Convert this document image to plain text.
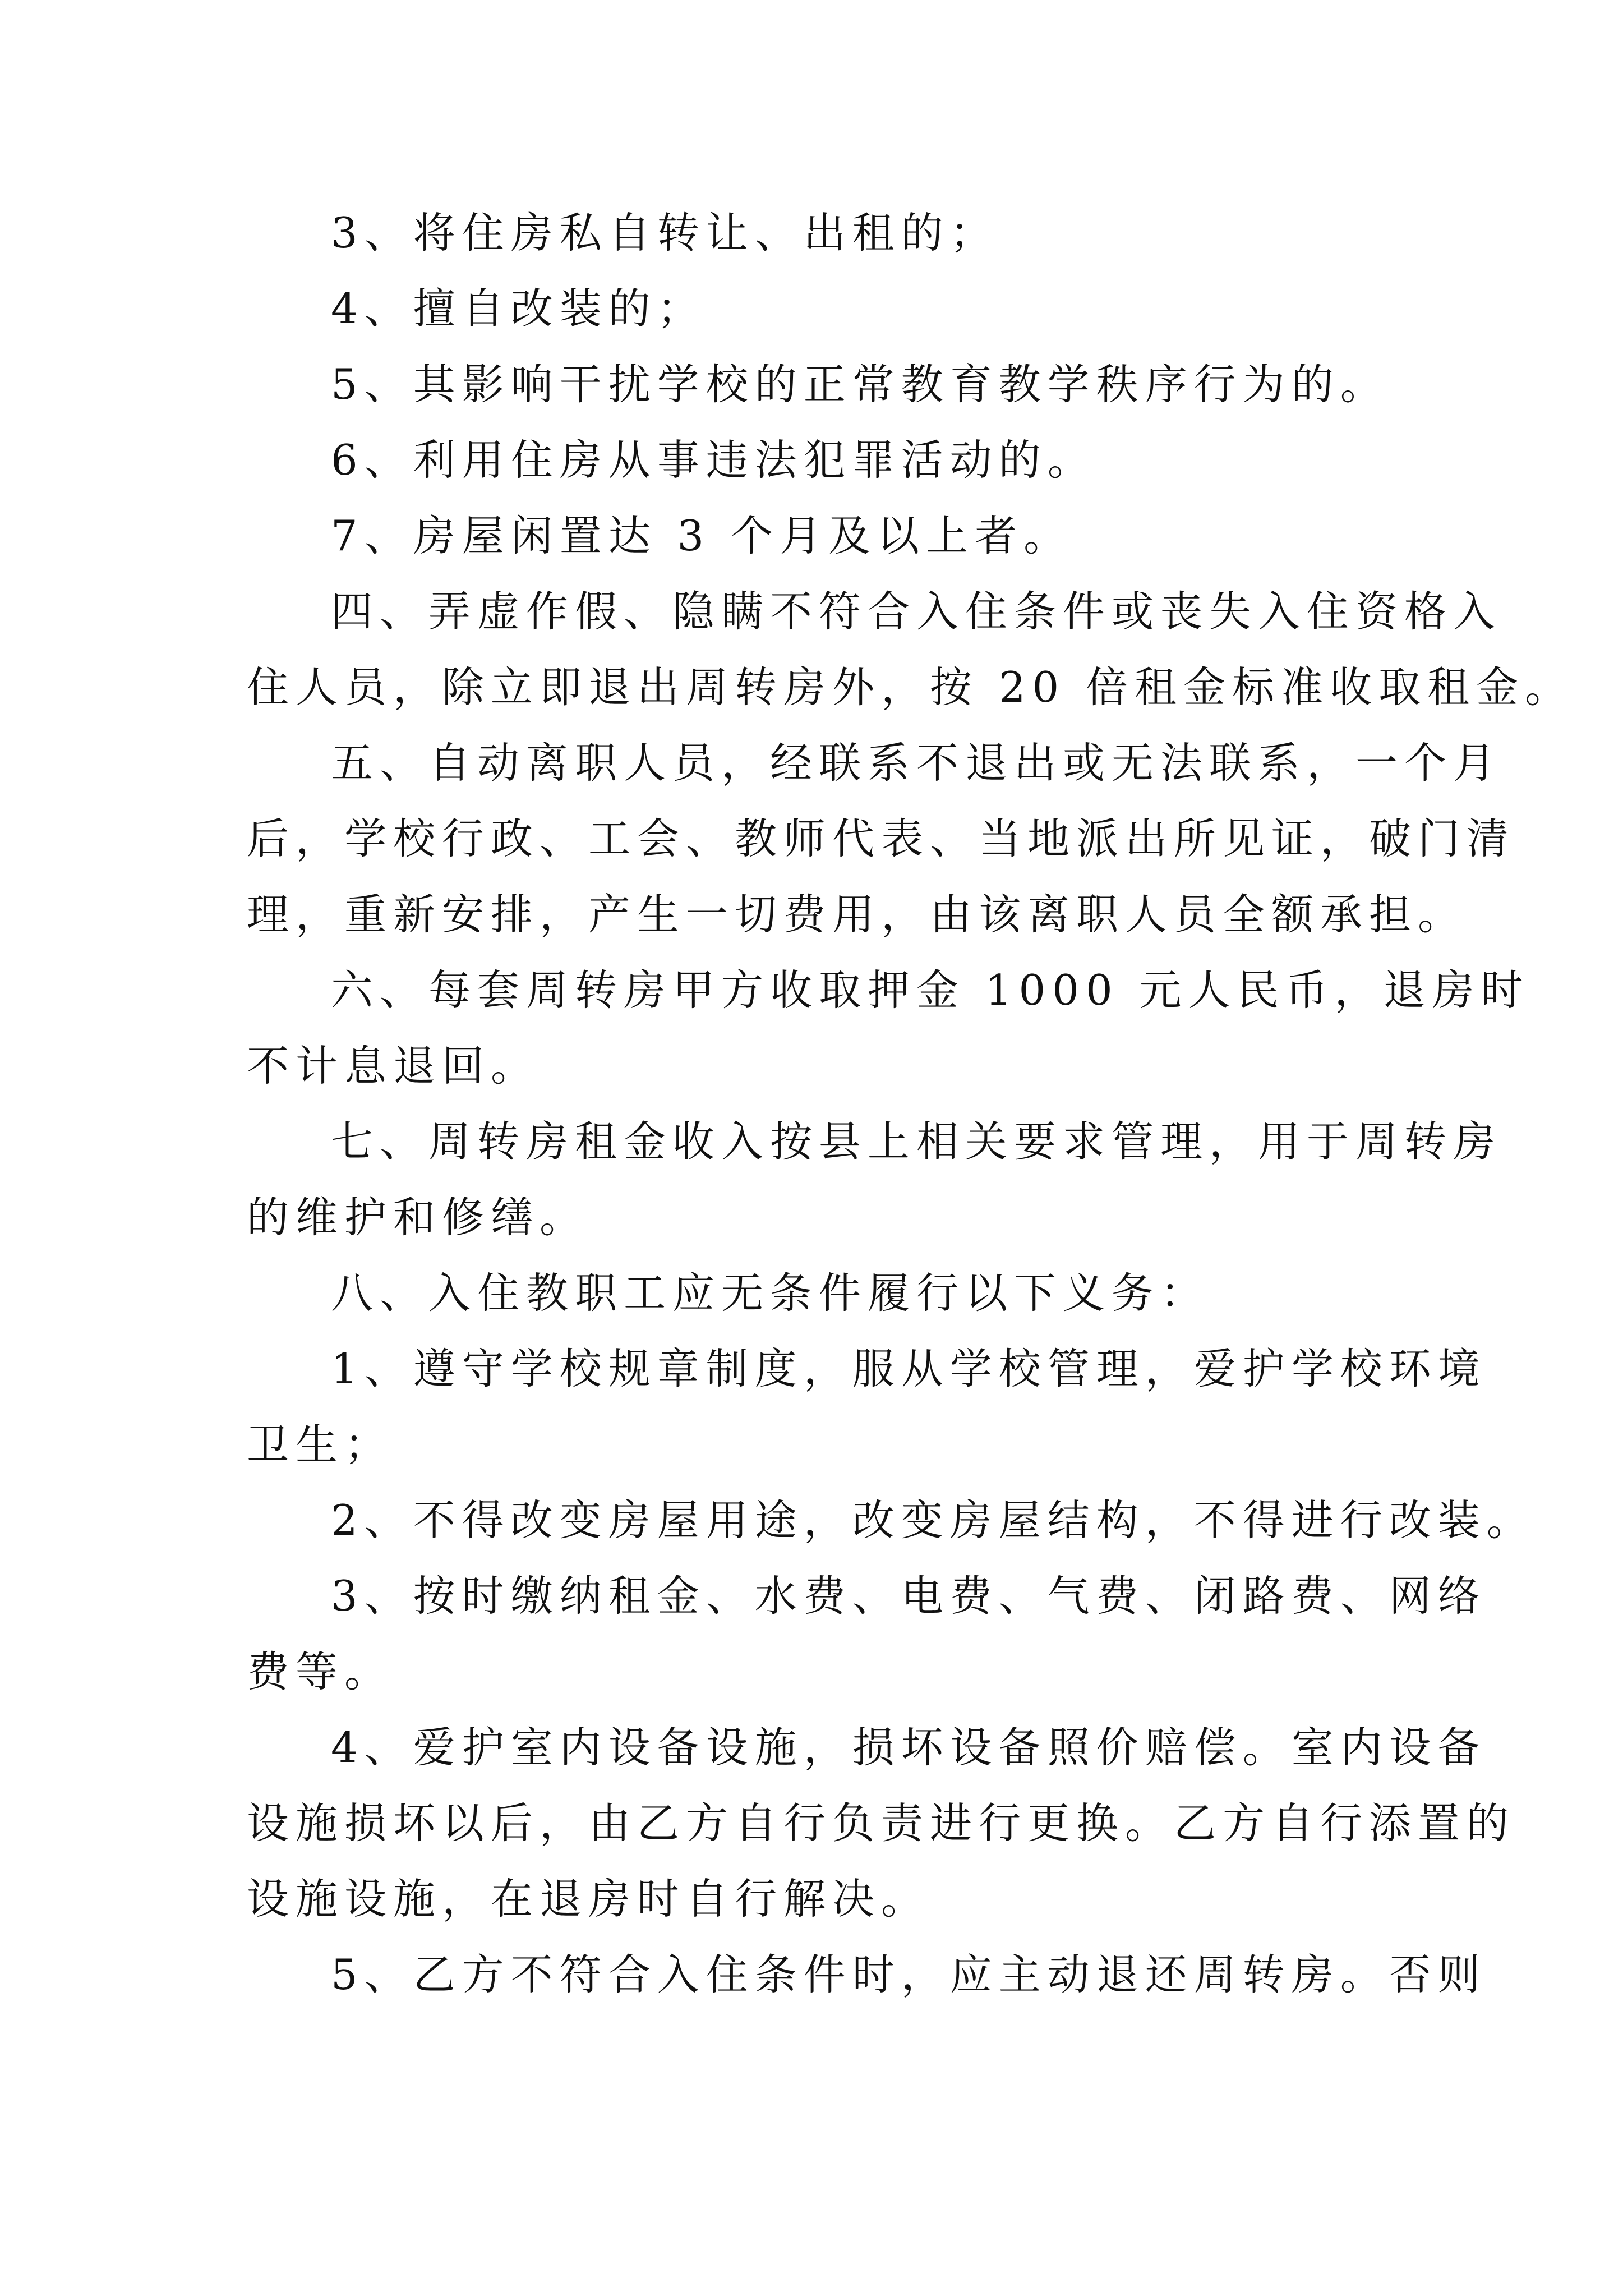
3、将住房私自转让、出租的；
4、擅自改装的；
5、其影响干扰学校的正常教育教学秩序行为的。
6、利用住房从事违法犯罪活动的。
7、房屋闲置达 3 个月及以上者。
四、弄虚作假、隐瞒不符合入住条件或丧失入住资格入
住人员，除立即退出周转房外，按 20 倍租金标准收取租金。
五、自动离职人员，经联系不退出或无法联系，一个月
后，学校行政、工会、教师代表、当地派出所见证，破门清
理，重新安排，产生一切费用，由该离职人员全额承担。
六、每套周转房甲方收取押金 1000 元人民币，退房时
不计息退回。
七、周转房租金收入按县上相关要求管理，用于周转房
的维护和修缮。
八、入住教职工应无条件履行以下义务：
1、遵守学校规章制度，服从学校管理，爱护学校环境
卫生；
2、不得改变房屋用途，改变房屋结构，不得进行改装。
3、按时缴纳租金、水费、电费、气费、闭路费、网络
费等。
4、爱护室内设备设施，损坏设备照价赔偿。室内设备
设施损坏以后，由乙方自行负责进行更换。乙方自行添置的
设施设施，在退房时自行解决。
5、乙方不符合入住条件时，应主动退还周转房。否则
